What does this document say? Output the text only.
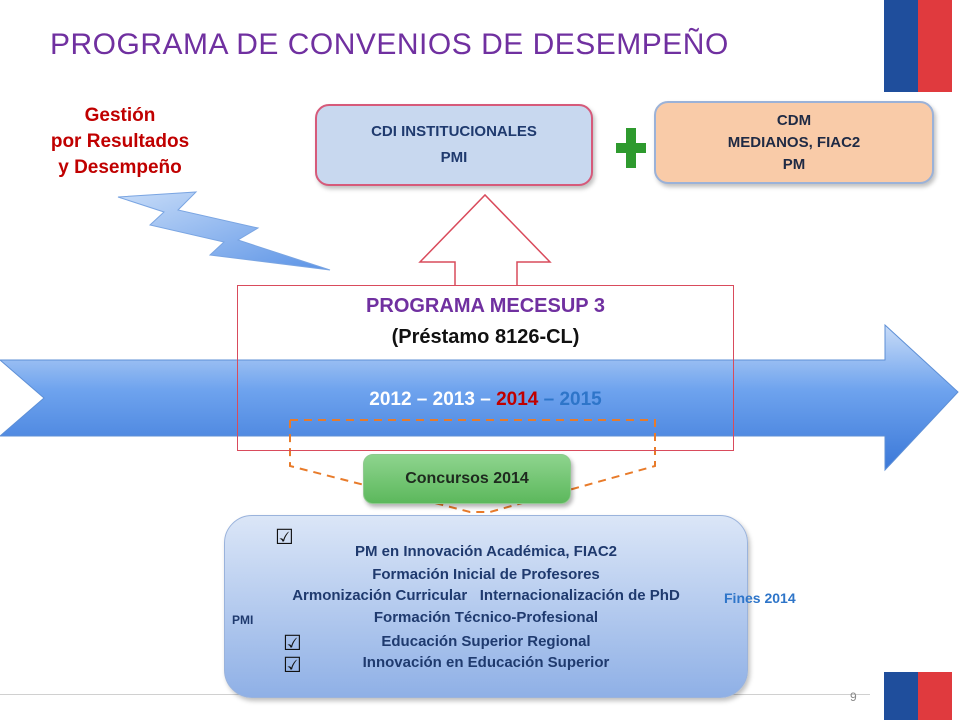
PROGRAMA DE CONVENIOS DE DESEMPEÑO
Gestión
por Resultados
y Desempeño
CDI INSTITUCIONALES
PMI
CDM
MEDIANOS, FIAC2
PM
PROGRAMA MECESUP 3
(Préstamo 8126-CL)
2012 – 2013 – 2014 – 2015
Concursos 2014
PM en Innovación Académica, FIAC2
Formación Inicial de Profesores
Armonización Curricular   Internacionalización de PhD
Formación Técnico-Profesional
Educación Superior Regional
Innovación en Educación Superior
☑
☑
☑
PMI
Fines 2014
9
